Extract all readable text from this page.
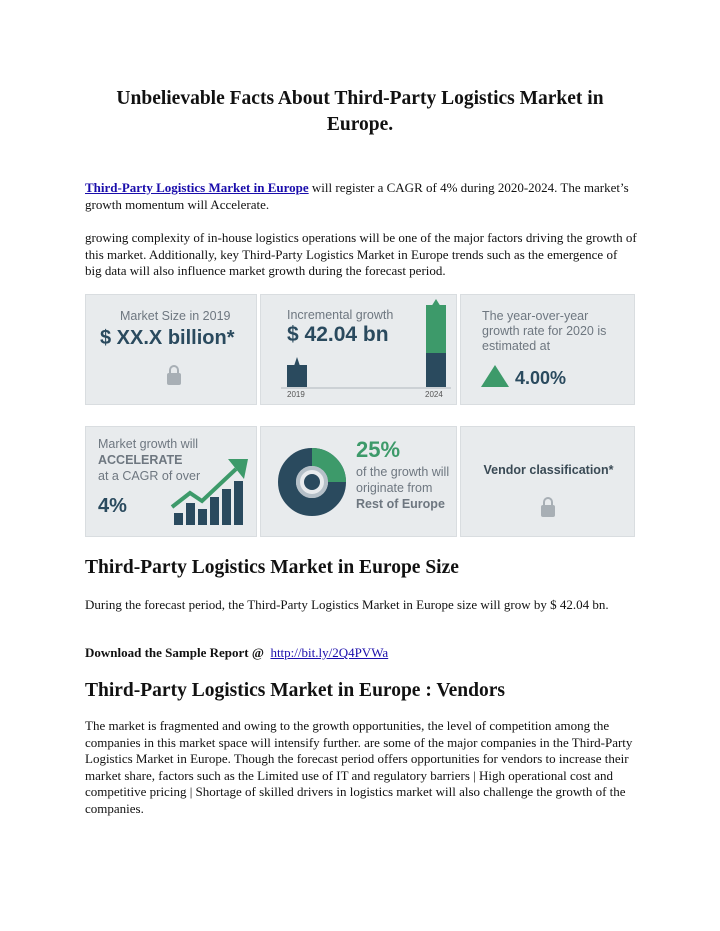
Unbelievable Facts About Third-Party Logistics Market in Europe.

Third-Party Logistics Market in Europe will register a CAGR of 4% during 2020-2024. The market’s growth momentum will Accelerate.

growing complexity of in-house logistics operations will be one of the major factors driving the growth of this market. Additionally, key Third-Party Logistics Market in Europe trends such as the emergence of big data will also influence market growth during the forecast period.

Market Size in 2019
$ XX.X billion*
Incremental growth
$ 42.04 bn
2019	2024
The year-over-year growth rate for 2020 is estimated at
4.00%
Market growth will
ACCELERATE
at a CAGR of over
4%
25%
of the growth will
originate from
Rest of Europe
Vendor classification*
Third-Party Logistics Market in Europe Size

During the forecast period, the Third-Party Logistics Market in Europe size will grow by $ 42.04 bn.

Download the Sample Report @ http://bit.ly/2Q4PVWa

Third-Party Logistics Market in Europe : Vendors

The market is fragmented and owing to the growth opportunities, the level of competition among the companies in this market space will intensify further. are some of the major companies in the Third-Party Logistics Market in Europe. Though the forecast period offers opportunities for vendors to increase their market share, factors such as the Limited use of IT and regulatory barriers | High operational cost and competitive pricing | Shortage of skilled drivers in logistics market will also challenge the growth of the companies.
